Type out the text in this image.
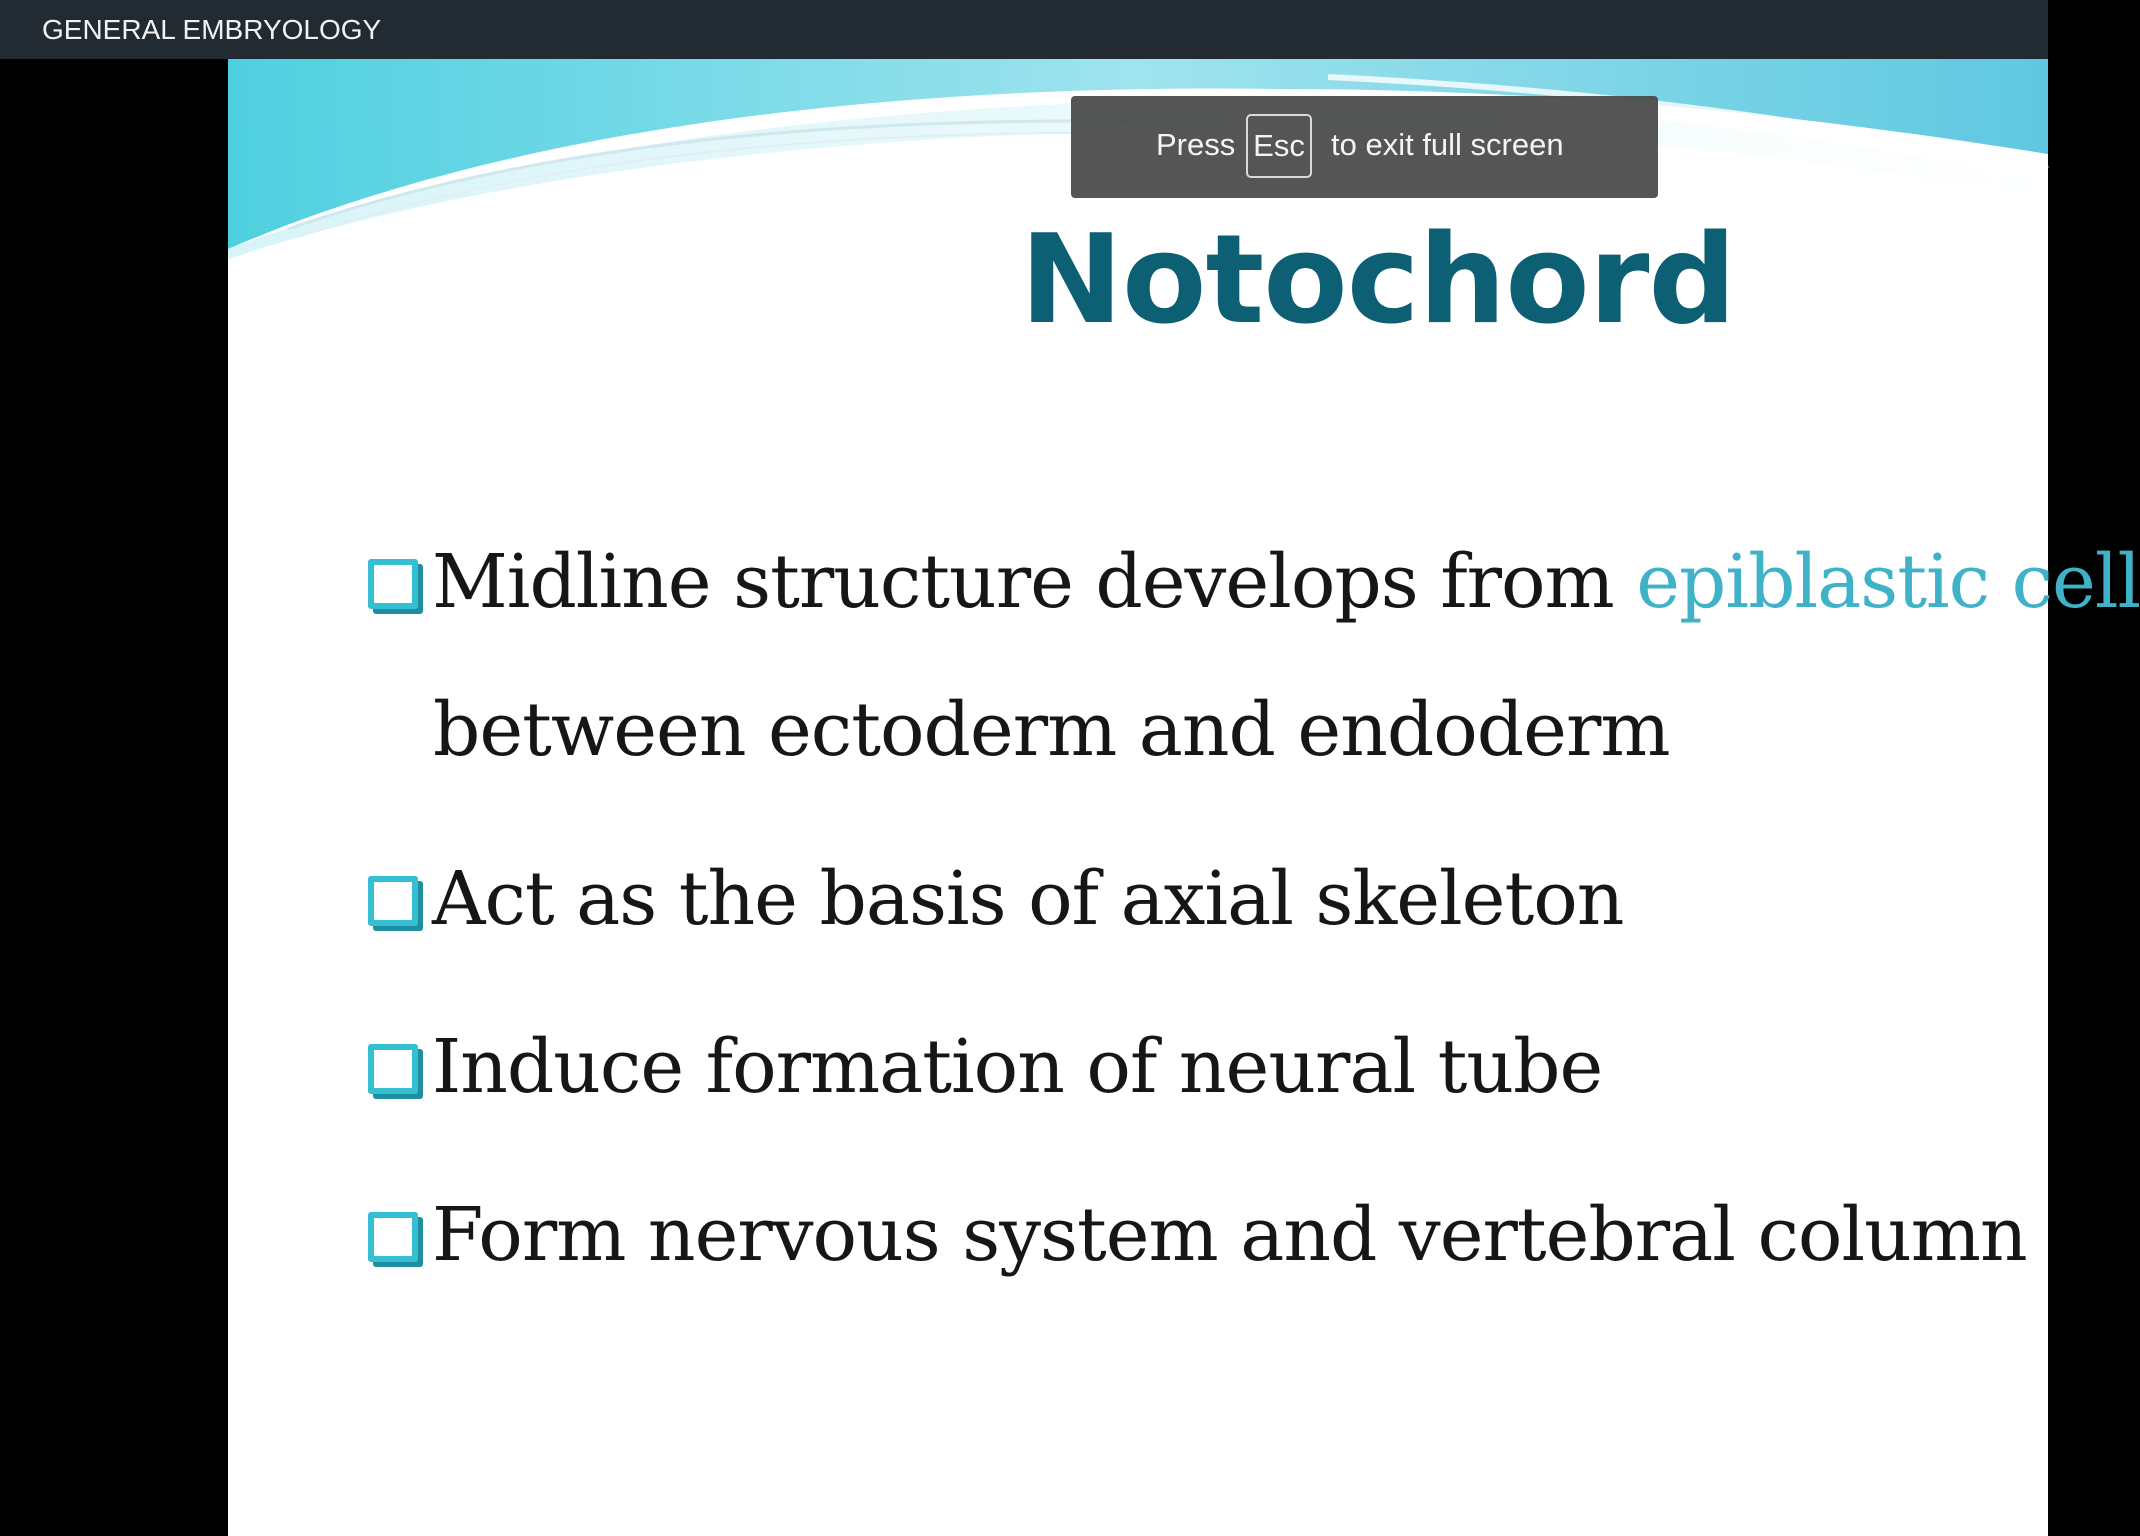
GENERAL EMBRYOLOGY
Notochord
Midline structure develops from epiblastic cell
between ectoderm and endoderm
Act as the basis of axial skeleton
Induce formation of neural tube
Form nervous system and vertebral column
Press Esc to exit full screen
